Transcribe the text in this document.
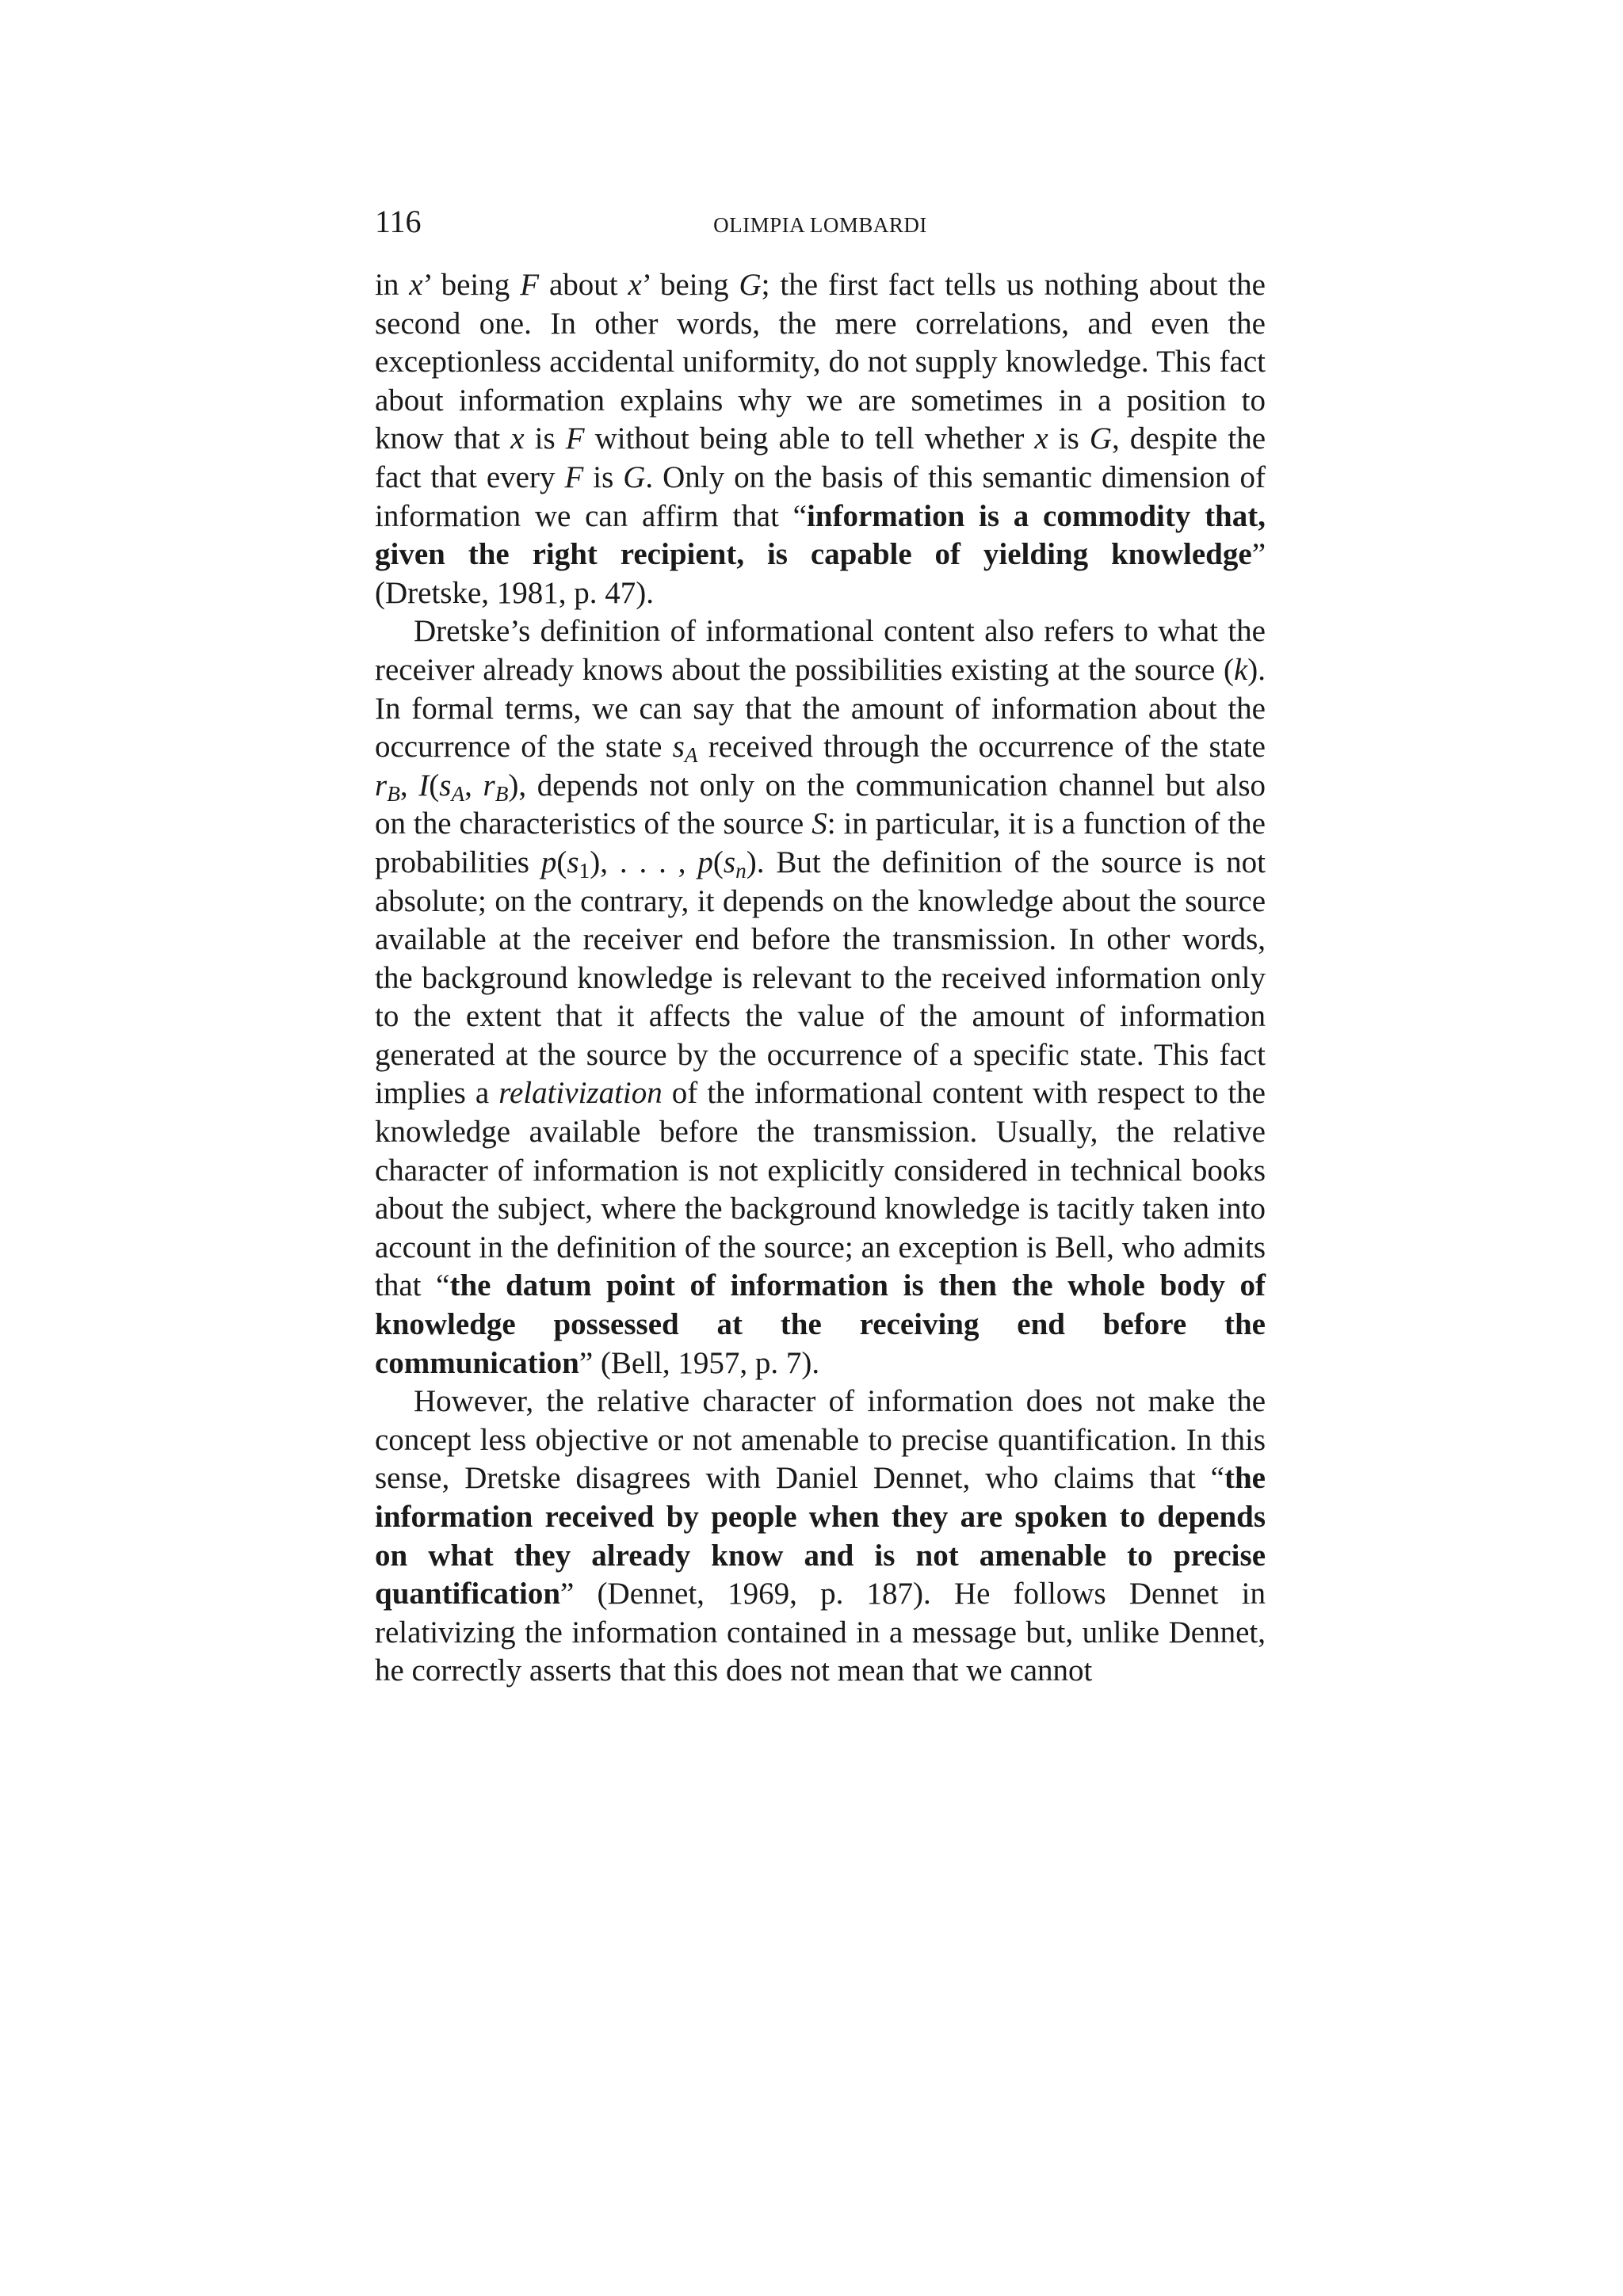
116	OLIMPIA LOMBARDI

in x’ being F about x’ being G; the first fact tells us nothing about the second one. In other words, the mere correlations, and even the exceptionless accidental uniformity, do not supply knowledge. This fact about information explains why we are sometimes in a position to know that x is F without being able to tell whether x is G, despite the fact that every F is G. Only on the basis of this semantic dimension of information we can affirm that “information is a commodity that, given the right recipient, is capable of yielding knowledge” (Dretske, 1981, p. 47).

Dretske’s definition of informational content also refers to what the receiver already knows about the possibilities existing at the source (k). In formal terms, we can say that the amount of information about the occurrence of the state $s_A$ received through the occurrence of the state $r_B$, $I(s_A$, $r_B$), depends not only on the communication channel but also on the characteristics of the source S: in particular, it is a function of the probabilities $p(s_1)$, . . . , $p(s_n)$. But the definition of the source is not absolute; on the contrary, it depends on the knowledge about the source available at the receiver end before the transmission. In other words, the background knowledge is relevant to the received information only to the extent that it affects the value of the amount of information generated at the source by the occurrence of a specific state. This fact implies a relativization of the informational content with respect to the knowledge available before the transmission. Usually, the relative character of information is not explicitly considered in technical books about the subject, where the background knowledge is tacitly taken into account in the definition of the source; an exception is Bell, who admits that “the datum point of information is then the whole body of knowledge possessed at the receiving end before the communication” (Bell, 1957, p. 7).

However, the relative character of information does not make the concept less objective or not amenable to precise quantification. In this sense, Dretske disagrees with Daniel Dennet, who claims that “the information received by people when they are spoken to depends on what they already know and is not amenable to precise quantification” (Dennet, 1969, p. 187). He follows Dennet in relativizing the information contained in a message but, unlike Dennet, he correctly asserts that this does not mean that we cannot
